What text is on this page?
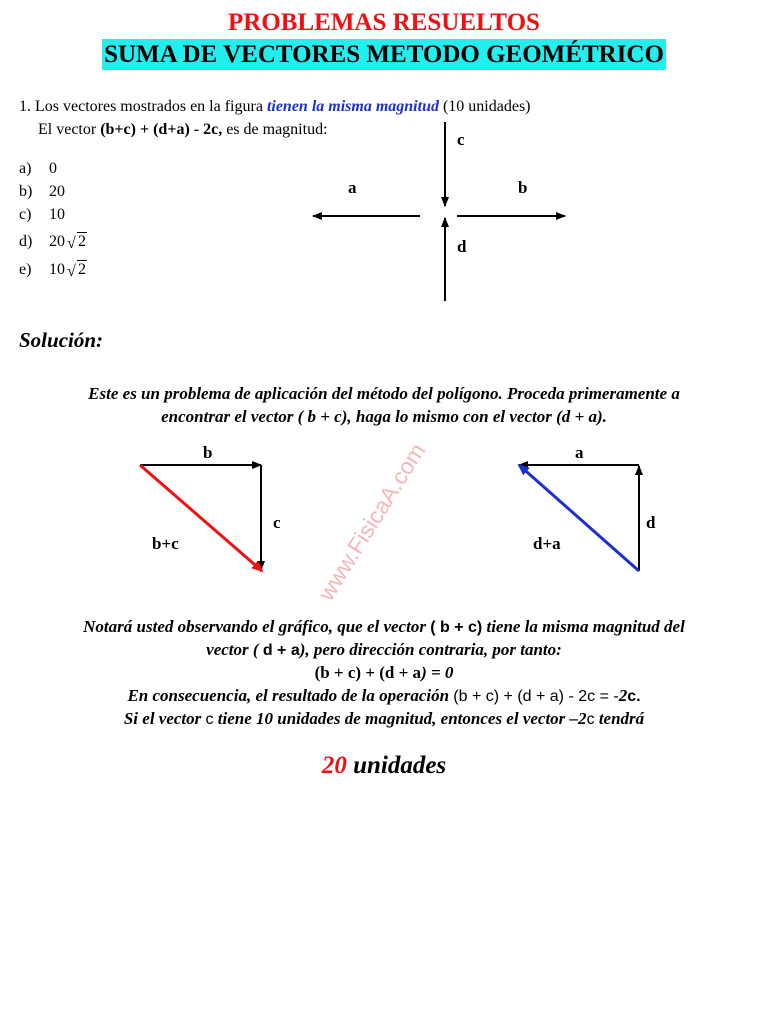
PROBLEMAS RESUELTOS
SUMA DE VECTORES METODO GEOMÉTRICO
1. Los vectores mostrados en la figura tienen la misma magnitud (10 unidades)
El vector (b+c) + (d+a) - 2c, es de magnitud:
a) 0
b) 20
c) 10
d) 20 √ 2
e) 10 √ 2
a	b
c
d
Solución:
Este es un problema de aplicación del método del polígono. Proceda primeramente a
encontrar el vector ( b + c), haga lo mismo con el vector (d + a).
b
c
b+c
a
d
d+a
www.FisicaA.com
Notará usted observando el gráfico, que el vector ( b + c) tiene la misma magnitud del
vector ( d + a), pero dirección contraria, por tanto:
(b + c) + (d + a) = 0
En consecuencia, el resultado de la operación (b + c) + (d + a) - 2c = -2c.
Si el vector c tiene 10 unidades de magnitud, entonces el vector –2c tendrá
20 unidades
